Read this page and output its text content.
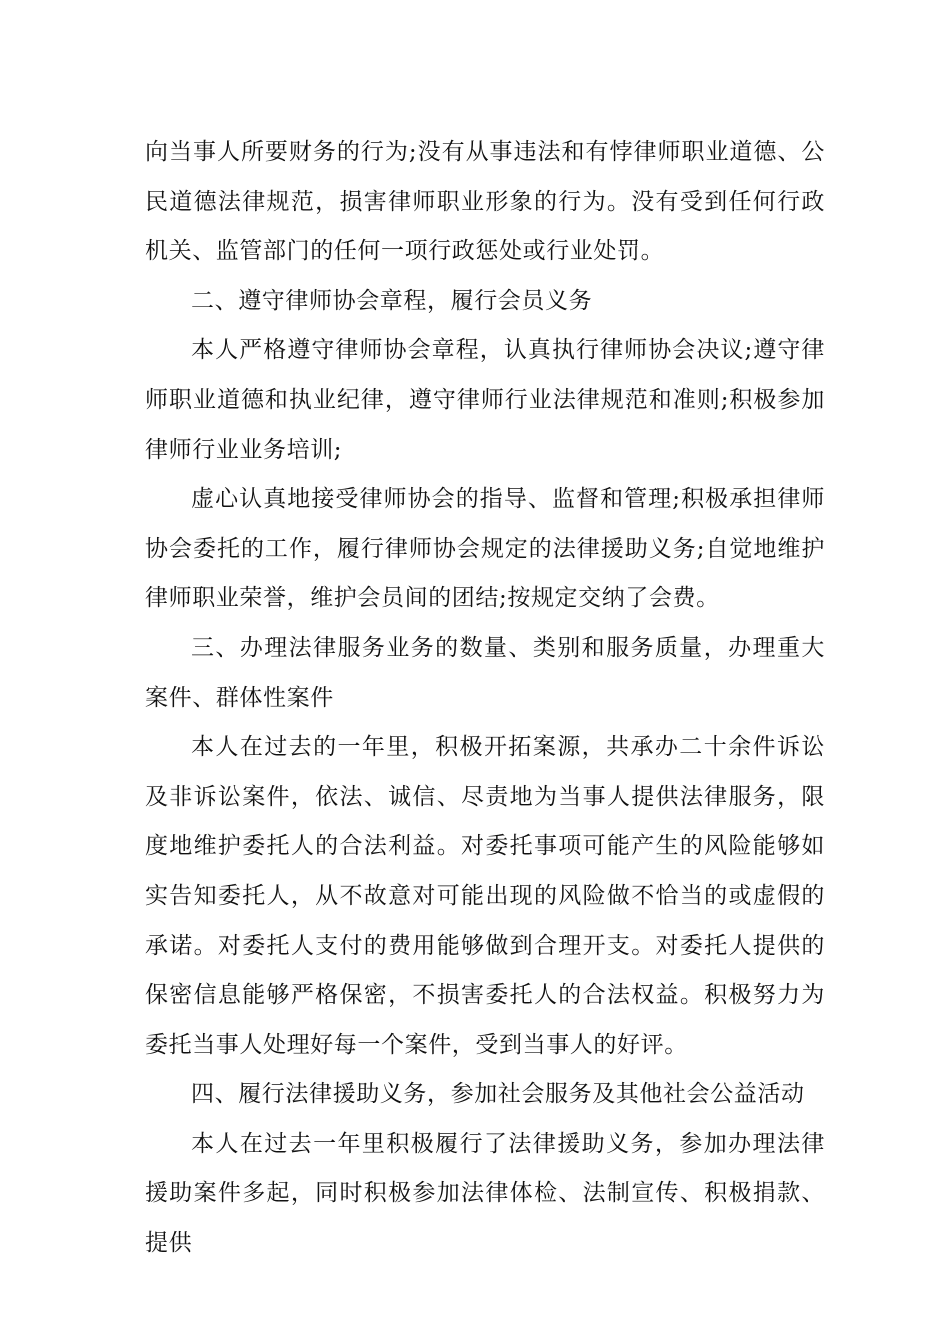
向当事人所要财务的行为;没有从事违法和有悖律师职业道德、公民道德法律规范，损害律师职业形象的行为。没有受到任何行政机关、监管部门的任何一项行政惩处或行业处罚。

二、遵守律师协会章程，履行会员义务

本人严格遵守律师协会章程，认真执行律师协会决议;遵守律师职业道德和执业纪律，遵守律师行业法律规范和准则;积极参加律师行业业务培训;

虚心认真地接受律师协会的指导、监督和管理;积极承担律师协会委托的工作，履行律师协会规定的法律援助义务;自觉地维护律师职业荣誉，维护会员间的团结;按规定交纳了会费。

三、办理法律服务业务的数量、类别和服务质量，办理重大案件、群体性案件

本人在过去的一年里，积极开拓案源，共承办二十余件诉讼及非诉讼案件，依法、诚信、尽责地为当事人提供法律服务，限度地维护委托人的合法利益。对委托事项可能产生的风险能够如实告知委托人，从不故意对可能出现的风险做不恰当的或虚假的承诺。对委托人支付的费用能够做到合理开支。对委托人提供的保密信息能够严格保密，不损害委托人的合法权益。积极努力为委托当事人处理好每一个案件，受到当事人的好评。

四、履行法律援助义务，参加社会服务及其他社会公益活动

本人在过去一年里积极履行了法律援助义务，参加办理法律援助案件多起，同时积极参加法律体检、法制宣传、积极捐款、提供
